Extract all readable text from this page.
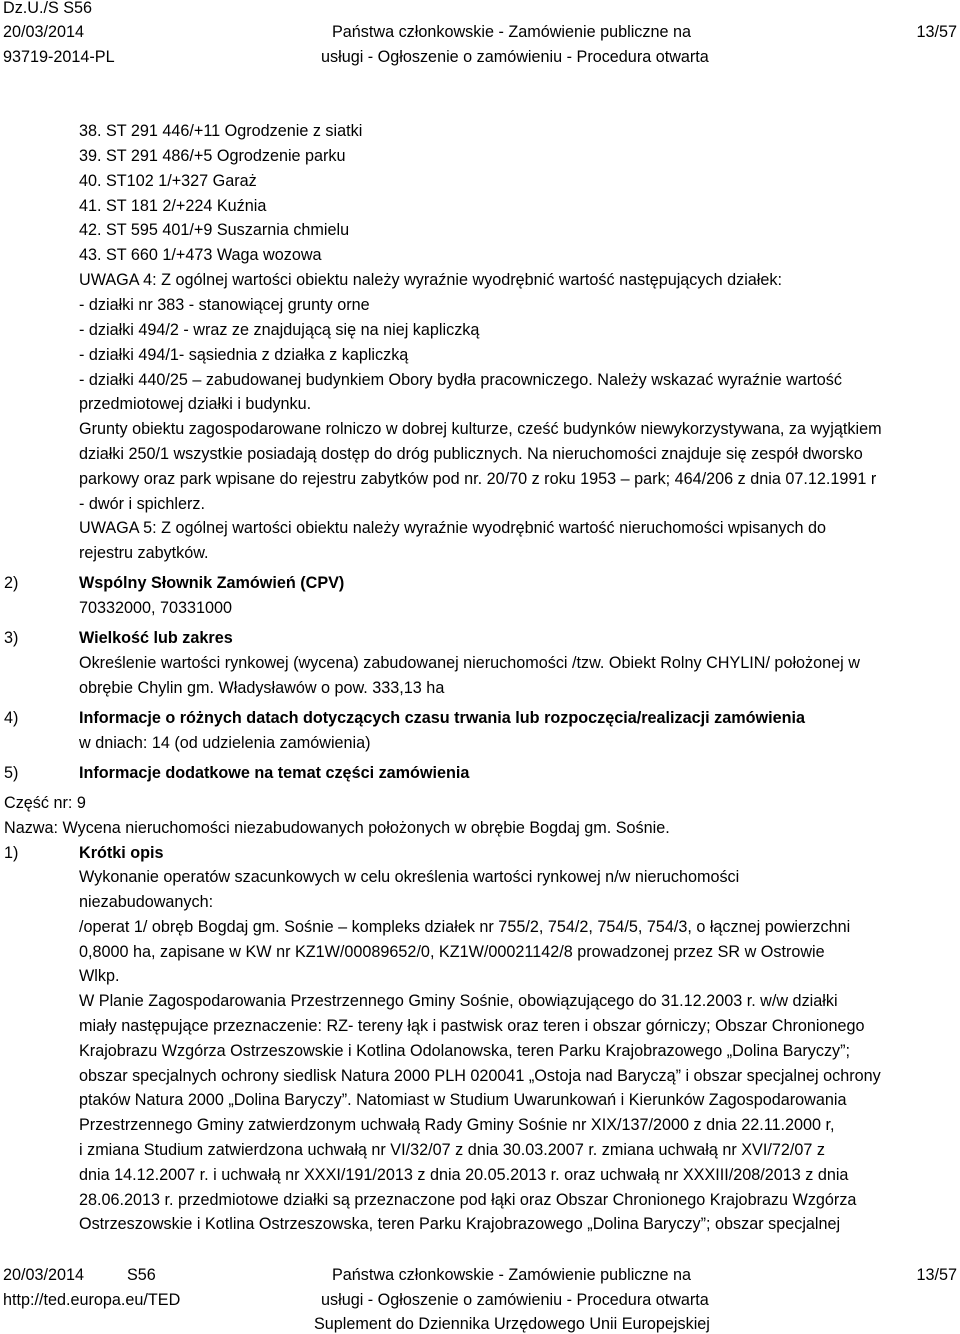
Dz.U./S S56
20/03/2014
93719-2014-PL
Państwa członkowskie - Zamówienie publiczne na
usługi - Ogłoszenie o zamówieniu - Procedura otwarta
13/57
38. ST 291 446/+11 Ogrodzenie z siatki
39. ST 291 486/+5 Ogrodzenie parku
40. ST102 1/+327 Garaż
41. ST 181 2/+224 Kuźnia
42. ST 595 401/+9 Suszarnia chmielu
43. ST 660 1/+473 Waga wozowa
UWAGA 4: Z ogólnej wartości obiektu należy wyraźnie wyodrębnić wartość następujących działek:
- działki nr 383 - stanowiącej grunty orne
- działki 494/2 - wraz ze znajdującą się na niej kapliczką
- działki 494/1- sąsiednia z działka z kapliczką
- działki 440/25 – zabudowanej budynkiem Obory bydła pracowniczego. Należy wskazać wyraźnie wartość
przedmiotowej działki i budynku.
Grunty obiektu zagospodarowane rolniczo w dobrej kulturze, cześć budynków niewykorzystywana, za wyjątkiem
działki 250/1 wszystkie posiadają dostęp do dróg publicznych. Na nieruchomości znajduje się zespół dworsko
parkowy oraz park wpisane do rejestru zabytków pod nr. 20/70 z roku 1953 – park; 464/206 z dnia 07.12.1991 r
- dwór i spichlerz.
UWAGA 5: Z ogólnej wartości obiektu należy wyraźnie wyodrębnić wartość nieruchomości wpisanych do
rejestru zabytków.
2)	Wspólny Słownik Zamówień (CPV)
70332000, 70331000
3)	Wielkość lub zakres
Określenie wartości rynkowej (wycena) zabudowanej nieruchomości /tzw. Obiekt Rolny CHYLIN/ położonej w
obrębie Chylin gm. Władysławów o pow. 333,13 ha
4)	Informacje o różnych datach dotyczących czasu trwania lub rozpoczęcia/realizacji zamówienia
w dniach: 14 (od udzielenia zamówienia)
5)	Informacje dodatkowe na temat części zamówienia
Część nr: 9
Nazwa: Wycena nieruchomości niezabudowanych położonych w obrębie Bogdaj gm. Sośnie.
1)	Krótki opis
Wykonanie operatów szacunkowych w celu określenia wartości rynkowej n/w nieruchomości
niezabudowanych:
/operat 1/ obręb Bogdaj gm. Sośnie – kompleks działek nr 755/2, 754/2, 754/5, 754/3, o łącznej powierzchni
0,8000 ha, zapisane w KW nr KZ1W/00089652/0, KZ1W/00021142/8 prowadzonej przez SR w Ostrowie
Wlkp.
W Planie Zagospodarowania Przestrzennego Gminy Sośnie, obowiązującego do 31.12.2003 r. w/w działki
miały następujące przeznaczenie: RZ- tereny łąk i pastwisk oraz teren i obszar górniczy; Obszar Chronionego
Krajobrazu Wzgórza Ostrzeszowskie i Kotlina Odolanowska, teren Parku Krajobrazowego „Dolina Baryczy”;
obszar specjalnych ochrony siedlisk Natura 2000 PLH 020041 „Ostoja nad Baryczą” i obszar specjalnej ochrony
ptaków Natura 2000 „Dolina Baryczy”. Natomiast w Studium Uwarunkowań i Kierunków Zagospodarowania
Przestrzennego Gminy zatwierdzonym uchwałą Rady Gminy Sośnie nr XIX/137/2000 z dnia 22.11.2000 r,
i zmiana Studium zatwierdzona uchwałą nr VI/32/07 z dnia 30.03.2007 r. zmiana uchwałą nr XVI/72/07 z
dnia 14.12.2007 r. i uchwałą nr XXXI/191/2013 z dnia 20.05.2013 r. oraz uchwałą nr XXXIII/208/2013 z dnia
28.06.2013 r. przedmiotowe działki są przeznaczone pod łąki oraz Obszar Chronionego Krajobrazu Wzgórza
Ostrzeszowskie i Kotlina Ostrzeszowska, teren Parku Krajobrazowego „Dolina Baryczy”; obszar specjalnej
20/03/2014	S56
http://ted.europa.eu/TED
Państwa członkowskie - Zamówienie publiczne na
usługi - Ogłoszenie o zamówieniu - Procedura otwarta
Suplement do Dziennika Urzędowego Unii Europejskiej
13/57
